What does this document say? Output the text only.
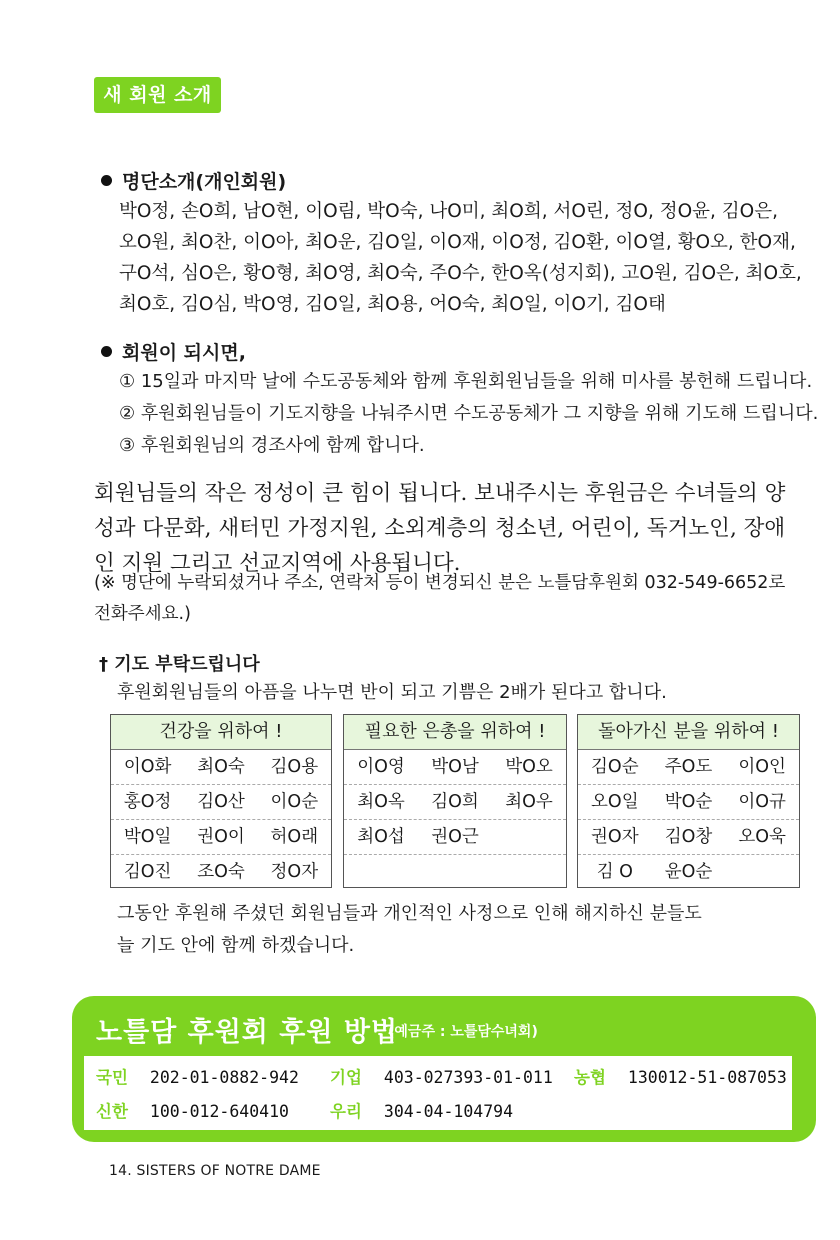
새 회원 소개
명단소개(개인회원)
박O정, 손O희, 남O현, 이O림, 박O숙, 나O미, 최O희, 서O린, 정O, 정O윤, 김O은,
오O원, 최O찬, 이O아, 최O운, 김O일, 이O재, 이O정, 김O환, 이O열, 황O오, 한O재,
구O석, 심O은, 황O형, 최O영, 최O숙, 주O수, 한O옥(성지회), 고O원, 김O은, 최O호,
최O호, 김O심, 박O영, 김O일, 최O용, 어O숙, 최O일, 이O기, 김O태
회원이 되시면,
① 15일과 마지막 날에 수도공동체와 함께 후원회원님들을 위해 미사를 봉헌해 드립니다.
② 후원회원님들이 기도지향을 나눠주시면 수도공동체가 그 지향을 위해 기도해 드립니다.
③ 후원회원님의 경조사에 함께 합니다.
회원님들의 작은 정성이 큰 힘이 됩니다. 보내주시는 후원금은 수녀들의 양
성과 다문화, 새터민 가정지원, 소외계층의 청소년, 어린이, 독거노인, 장애
인 지원 그리고 선교지역에 사용됩니다.
(※ 명단에 누락되셨거나 주소, 연락처 등이 변경되신 분은 노틀담후원회 032-549-6652로
전화주세요.)
† 기도 부탁드립니다
후원회원님들의 아픔을 나누면 반이 되고 기쁨은 2배가 된다고 합니다.
건강을 위하여 !
이O화	최O숙	김O용
홍O정	김O산	이O순
박O일	권O이	허O래
김O진	조O숙	정O자
필요한 은총을 위하여 !
이O영	박O남	박O오
최O옥	김O희	최O우
최O섭	권O근
돌아가신 분을 위하여 !
김O순	주O도	이O인
오O일	박O순	이O규
권O자	김O창	오O욱
김 O	윤O순
그동안 후원해 주셨던 회원님들과 개인적인 사정으로 인해 해지하신 분들도
늘 기도 안에 함께 하겠습니다.
노틀담 후원회 후원 방법
(예금주 : 노틀담수녀회)
국민 202-01-0882-942 기업 403-027393-01-011 농협 130012-51-087053
신한 100-012-640410 우리 304-04-104794
14. SISTERS OF NOTRE DAME
